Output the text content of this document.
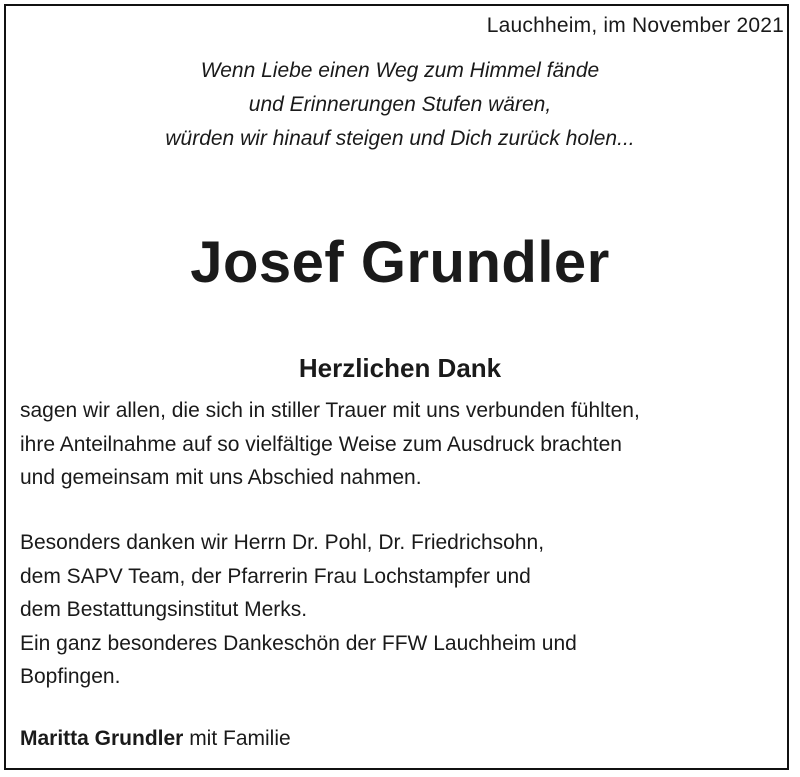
Lauchheim, im November 2021
Wenn Liebe einen Weg zum Himmel fände
und Erinnerungen Stufen wären,
würden wir hinauf steigen und Dich zurück holen...
Josef Grundler
Herzlichen Dank
sagen wir allen, die sich in stiller Trauer mit uns verbunden fühlten,
ihre Anteilnahme auf so vielfältige Weise zum Ausdruck brachten
und gemeinsam mit uns Abschied nahmen.
Besonders danken wir Herrn Dr. Pohl, Dr. Friedrichsohn,
dem SAPV Team, der Pfarrerin Frau Lochstampfer und
dem Bestattungsinstitut Merks.
Ein ganz besonderes Dankeschön der FFW Lauchheim und
Bopfingen.
Maritta Grundler mit Familie
